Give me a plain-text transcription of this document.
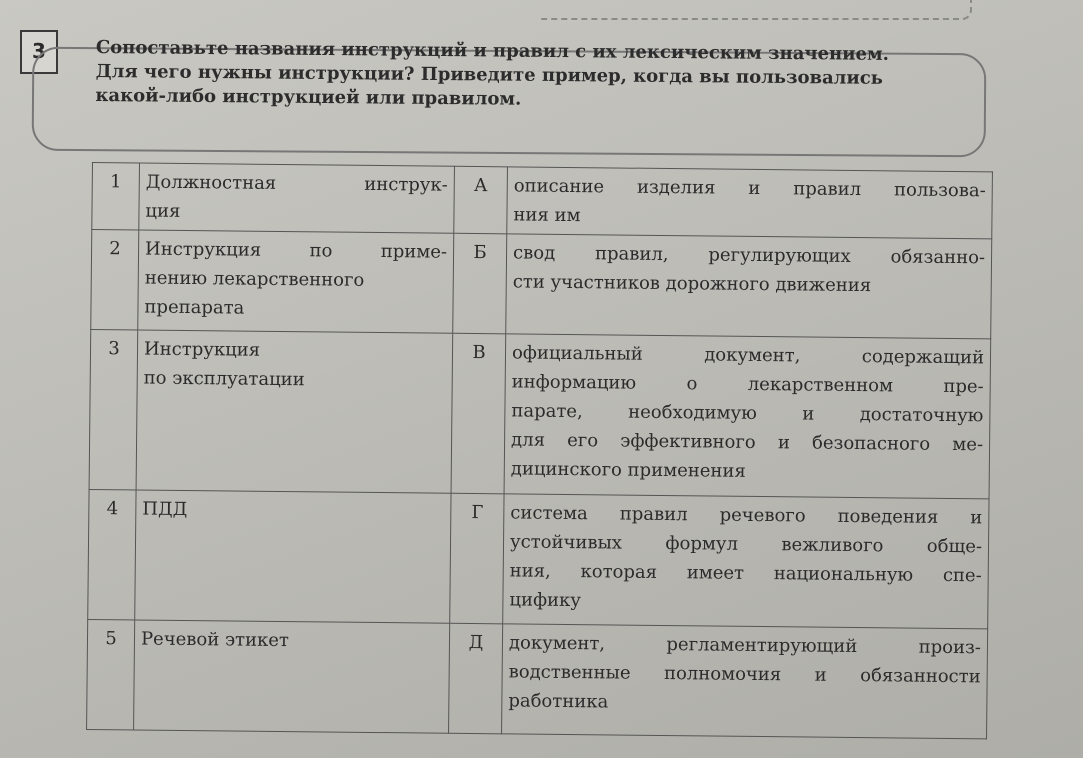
3	Сопоставьте названия инструкций и правил с их лексическим значением.
Для чего нужны инструкции? Приведите пример, когда вы пользовались
какой-либо инструкцией или правилом.
1	Должностная инструк-
ция	А	описание изделия и правил пользова-
ния им

2	Инструкция по приме-
нению лекарственного
препарата	Б	свод правил, регулирующих обязанно-
сти участников дорожного движения

3	Инструкция
по эксплуатации	В	официальный документ, содержащий
информацию о лекарственном пре-
парате, необходимую и достаточную
для его эффективного и безопасного ме-
дицинского применения

4	ПДД	Г	система правил речевого поведения и
устойчивых формул вежливого обще-
ния, которая имеет национальную спе-
цифику

5	Речевой этикет	Д	документ, регламентирующий произ-
водственные полномочия и обязанности
работника
